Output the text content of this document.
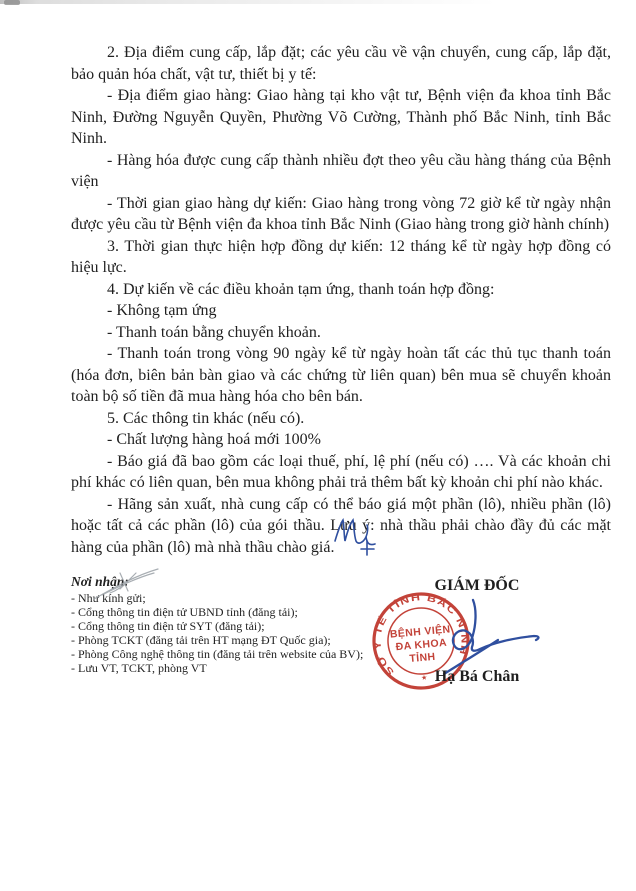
2. Địa điểm cung cấp, lắp đặt; các yêu cầu về vận chuyển, cung cấp, lắp đặt, bảo quản hóa chất, vật tư, thiết bị y tế:

- Địa điểm giao hàng: Giao hàng tại kho vật tư, Bệnh viện đa khoa tỉnh Bắc Ninh, Đường Nguyễn Quyền, Phường Võ Cường, Thành phố Bắc Ninh, tỉnh Bắc Ninh.

- Hàng hóa được cung cấp thành nhiều đợt theo yêu cầu hàng tháng của Bệnh viện

- Thời gian giao hàng dự kiến: Giao hàng trong vòng 72 giờ kể từ ngày nhận được yêu cầu từ Bệnh viện đa khoa tỉnh Bắc Ninh (Giao hàng trong giờ hành chính)

3. Thời gian thực hiện hợp đồng dự kiến: 12 tháng kể từ ngày hợp đồng có hiệu lực.

4. Dự kiến về các điều khoản tạm ứng, thanh toán hợp đồng:

- Không tạm ứng

- Thanh toán bằng chuyển khoản.

- Thanh toán trong vòng 90 ngày kể từ ngày hoàn tất các thủ tục thanh toán (hóa đơn, biên bản bàn giao và các chứng từ liên quan) bên mua sẽ chuyển khoản toàn bộ số tiền đã mua hàng hóa cho bên bán.

5. Các thông tin khác (nếu có).

- Chất lượng hàng hoá mới 100%

- Báo giá đã bao gồm các loại thuế, phí, lệ phí (nếu có) …. Và các khoản chi phí khác có liên quan, bên mua không phải trả thêm bất kỳ khoản chi phí nào khác.

- Hãng sản xuất, nhà cung cấp có thể báo giá một phần (lô), nhiều phần (lô) hoặc tất cả các phần (lô) của gói thầu. Lưu ý: nhà thầu phải chào đầy đủ các mặt hàng của phần (lô) mà nhà thầu chào giá.

Nơi nhận:
- Như kính gửi;
- Cổng thông tin điện tử UBND tỉnh (đăng tải);
- Cổng thông tin điện tử SYT (đăng tải);
- Phòng TCKT (đăng tải trên HT mạng ĐT Quốc gia);
- Phòng Công nghệ thông tin (đăng tải trên website của BV);
- Lưu VT, TCKT, phòng VT
GIÁM ĐỐC
SỞ Y TẾ TỈNH BẮC NINH
BỆNH VIỆN
ĐA KHOA
TỈNH
★ Hạ Bá Chân
